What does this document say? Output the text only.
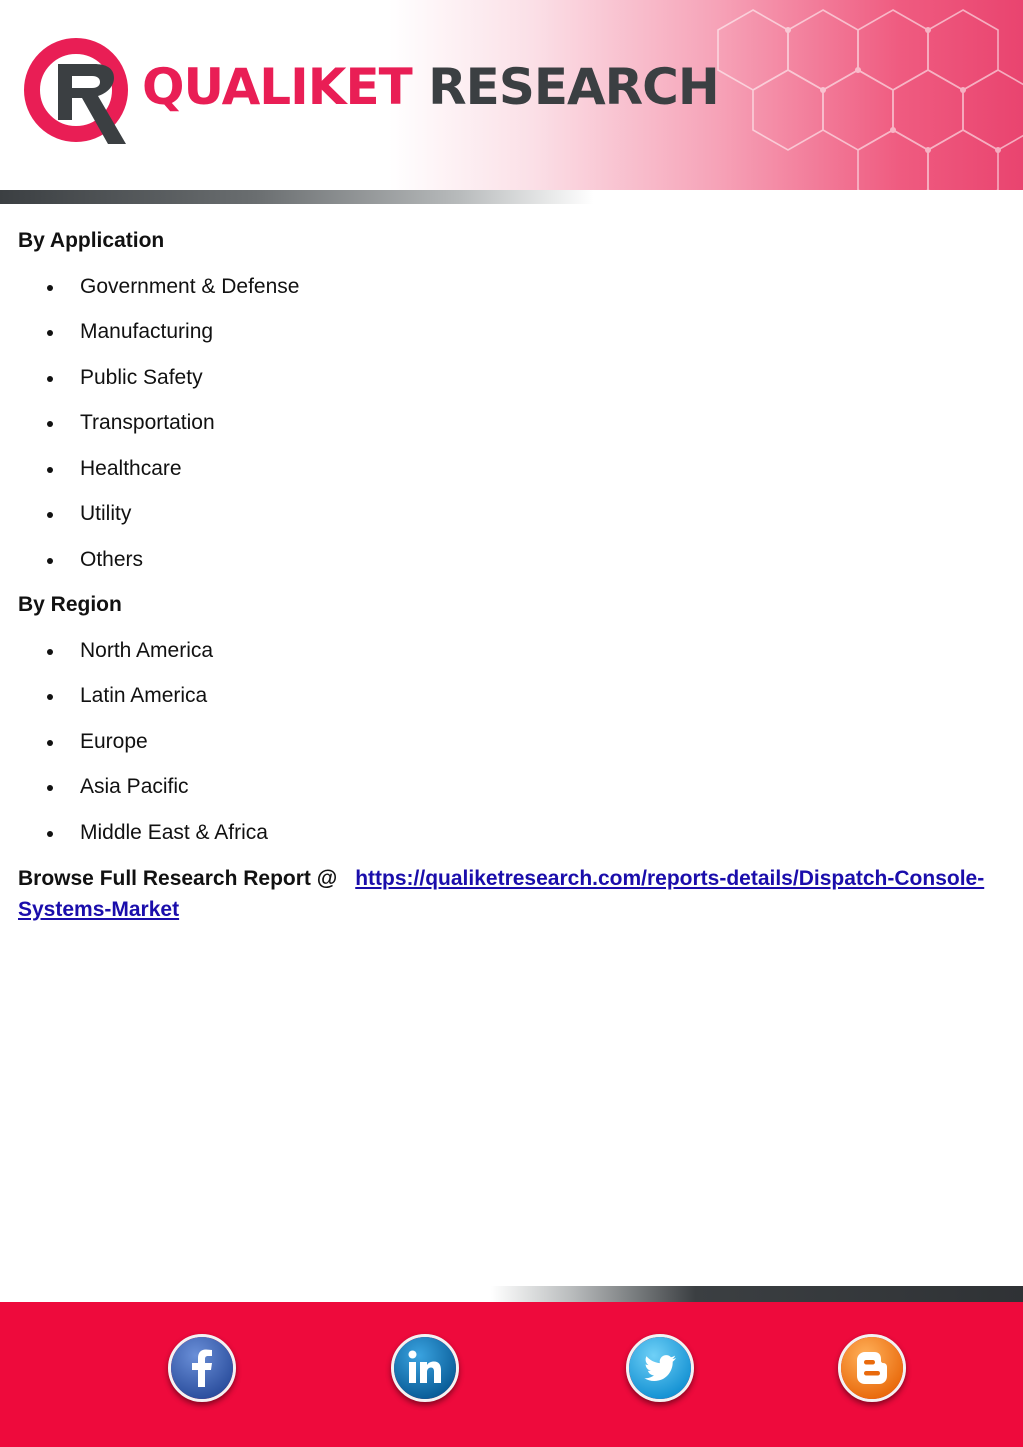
QUALIKET RESEARCH
By Application
Government & Defense
Manufacturing
Public Safety
Transportation
Healthcare
Utility
Others
By Region
North America
Latin America
Europe
Asia Pacific
Middle East & Africa
Browse Full Research Report @ https://qualiketresearch.com/reports-details/Dispatch-Console-
Systems-Market
